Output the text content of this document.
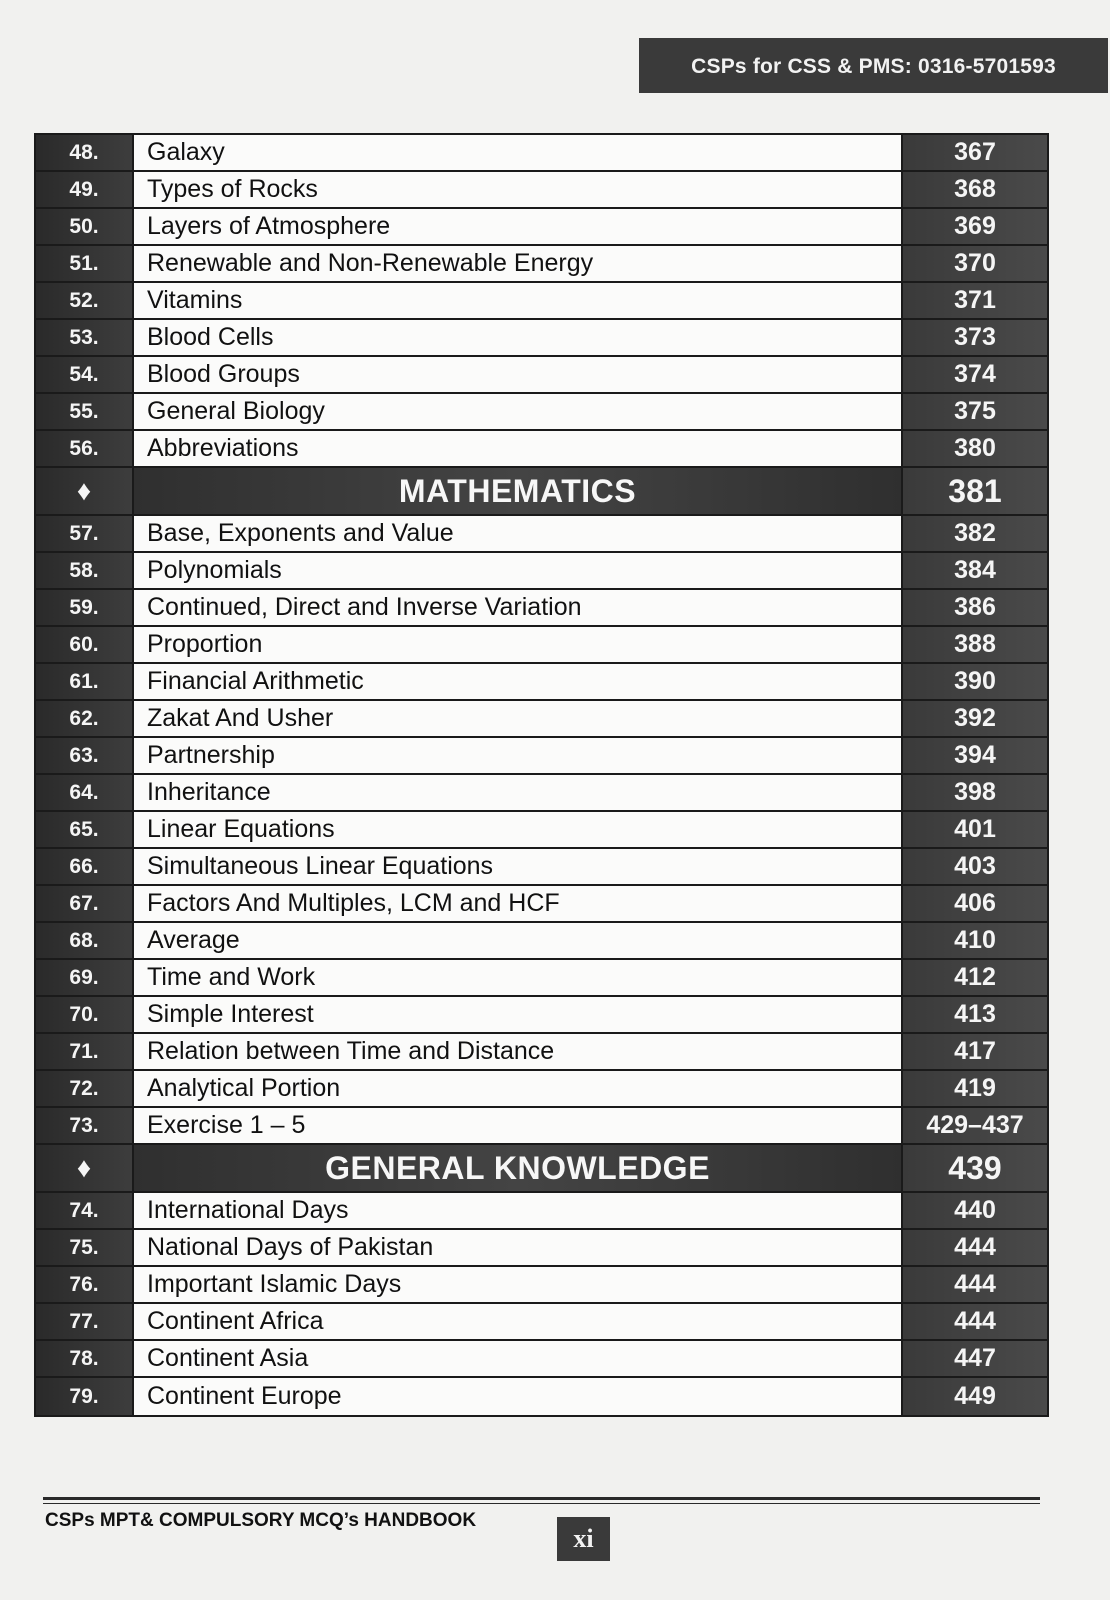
CSPs for CSS & PMS: 0316-5701593
48.	Galaxy	367
49.	Types of Rocks	368
50.	Layers of Atmosphere	369
51.	Renewable and Non-Renewable Energy	370
52.	Vitamins	371
53.	Blood Cells	373
54.	Blood Groups	374
55.	General Biology	375
56.	Abbreviations	380
♦	MATHEMATICS	381
57.	Base, Exponents and Value	382
58.	Polynomials	384
59.	Continued, Direct and Inverse Variation	386
60.	Proportion	388
61.	Financial Arithmetic	390
62.	Zakat And Usher	392
63.	Partnership	394
64.	Inheritance	398
65.	Linear Equations	401
66.	Simultaneous Linear Equations	403
67.	Factors And Multiples, LCM and HCF	406
68.	Average	410
69.	Time and Work	412
70.	Simple Interest	413
71.	Relation between Time and Distance	417
72.	Analytical Portion	419
73.	Exercise 1 – 5	429–437
♦	GENERAL KNOWLEDGE	439
74.	International Days	440
75.	National Days of Pakistan	444
76.	Important Islamic Days	444
77.	Continent Africa	444
78.	Continent Asia	447
79.	Continent Europe	449
CSPs MPT& COMPULSORY MCQ’s HANDBOOK
xi
